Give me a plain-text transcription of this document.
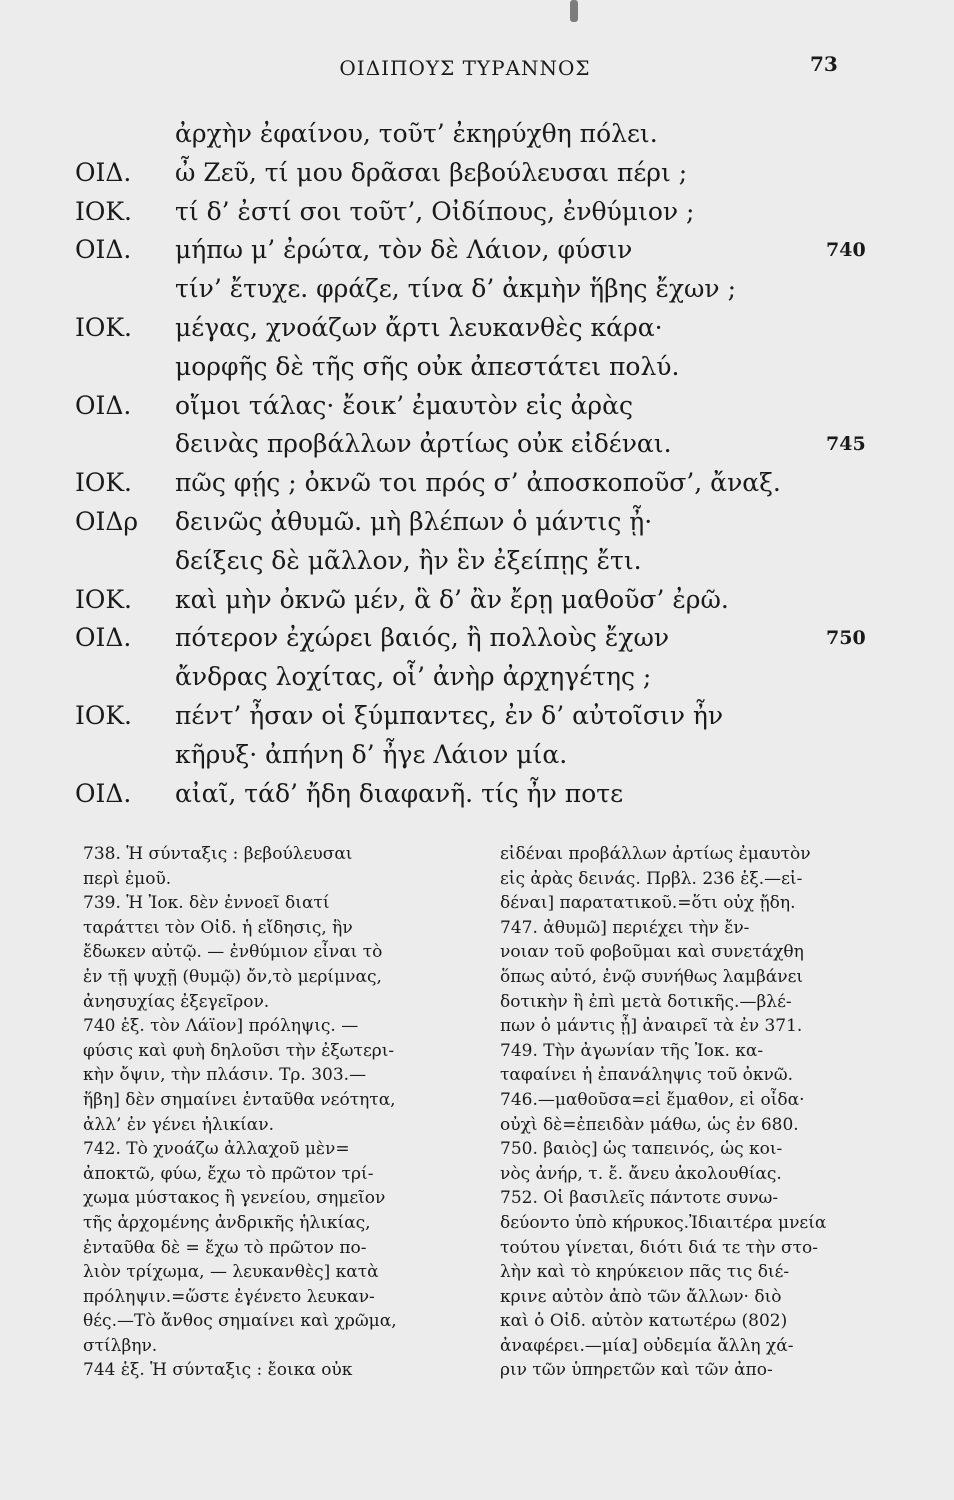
ΟΙΔΙΠΟΥΣ ΤΥΡΑΝΝΟΣ	73
ἀρχὴν ἐφαίνου, τοῦτ’ ἐκηρύχθη πόλει.
ΟΙΔ. ὦ Ζεῦ, τί μου δρᾶσαι βεβούλευσαι πέρι ;
ΙΟΚ. τί δ’ ἐστί σοι τοῦτ’, Οἰδίπους, ἐνθύμιον ;
ΟΙΔ. μήπω μ’ ἐρώτα, τὸν δὲ Λάιον, φύσιν	740
τίν’ ἔτυχε. φράζε, τίνα δ’ ἀκμὴν ἥβης ἔχων ;
ΙΟΚ. μέγας, χνοάζων ἄρτι λευκανθὲς κάρα·
μορφῆς δὲ τῆς σῆς οὐκ ἀπεστάτει πολύ.
ΟΙΔ. οἴμοι τάλας· ἔοικ’ ἐμαυτὸν εἰς ἀρὰς
δεινὰς προβάλλων ἀρτίως οὐκ εἰδέναι.	745
ΙΟΚ. πῶς φῄς ; ὀκνῶ τοι πρός σ’ ἀποσκοποῦσ’, ἄναξ.
ΟΙΔρ δεινῶς ἀθυμῶ. μὴ βλέπων ὁ μάντις ᾖ·
δείξεις δὲ μᾶλλον, ἢν ἓν ἐξείπῃς ἔτι.
ΙΟΚ. καὶ μὴν ὀκνῶ μέν, ἃ δ’ ἂν ἔρῃ μαθοῦσ’ ἐρῶ.
ΟΙΔ. πότερον ἐχώρει βαιός, ἢ πολλοὺς ἔχων	750
ἄνδρας λοχίτας, οἷ’ ἀνὴρ ἀρχηγέτης ;
ΙΟΚ. πέντ’ ἦσαν οἱ ξύμπαντες, ἐν δ’ αὐτοῖσιν ἦν
κῆρυξ· ἀπήνη δ’ ἦγε Λάιον μία.
ΟΙΔ. αἰαῖ, τάδ’ ἤδη διαφανῆ. τίς ἦν ποτε
738. Ἡ σύνταξις : βεβούλευσαι
περὶ ἐμοῦ.
739. Ἡ Ἰοκ. δὲν ἐννοεῖ διατί
ταράττει τὸν Οἰδ. ἡ εἴδησις, ἣν
ἔδωκεν αὐτῷ. — ἐνθύμιον εἶναι τὸ
ἐν τῇ ψυχῇ (θυμῷ) ὄν,τὸ μερίμνας,
ἀνησυχίας ἐξεγεῖρον.
740 ἑξ. τὸν Λάϊον] πρόληψις. —
φύσις καὶ φυὴ δηλοῦσι τὴν ἐξωτερι-
κὴν ὄψιν, τὴν πλάσιν. Τρ. 303.—
ἥβη] δὲν σημαίνει ἐνταῦθα νεότητα,
ἀλλ’ ἐν γένει ἡλικίαν.
742. Τὸ χνοάζω ἀλλαχοῦ μὲν=
ἀποκτῶ, φύω, ἔχω τὸ πρῶτον τρί-
χωμα μύστακος ἢ γενείου, σημεῖον
τῆς ἀρχομένης ἀνδρικῆς ἡλικίας,
ἐνταῦθα δὲ = ἔχω τὸ πρῶτον πο-
λιὸν τρίχωμα, — λευκανθὲς] κατὰ
πρόληψιν.=ὥστε ἐγένετο λευκαν-
θές.—Τὸ ἄνθος σημαίνει καὶ χρῶμα,
στίλβην.
744 ἑξ. Ἡ σύνταξις : ἔοικα οὐκ
εἰδέναι προβάλλων ἀρτίως ἐμαυτὸν
εἰς ἀρὰς δεινάς. Πρβλ. 236 ἑξ.—εἰ-
δέναι] παρατατικοῦ.=ὅτι οὐχ ᾔδη.
747. ἀθυμῶ] περιέχει τὴν ἔν-
νοιαν τοῦ φοβοῦμαι καὶ συνετάχθη
ὅπως αὐτό, ἐνῷ συνήθως λαμβάνει
δοτικὴν ἢ ἐπὶ μετὰ δοτικῆς.—βλέ-
πων ὁ μάντις ᾖ] ἀναιρεῖ τὰ ἐν 371.
749. Τὴν ἀγωνίαν τῆς Ἰοκ. κα-
ταφαίνει ἡ ἐπανάληψις τοῦ ὀκνῶ.
746.—μαθοῦσα=εἰ ἔμαθον, εἰ οἶδα·
οὐχὶ δὲ=ἐπειδὰν μάθω, ὡς ἐν 680.
750. βαιὸς] ὡς ταπεινός, ὡς κοι-
νὸς ἀνήρ, τ. ἔ. ἄνευ ἀκολουθίας.
752. Οἱ βασιλεῖς πάντοτε συνω-
δεύοντο ὑπὸ κήρυκος.Ἰδιαιτέρα μνεία
τούτου γίνεται, διότι διά τε τὴν στο-
λὴν καὶ τὸ κηρύκειον πᾶς τις διέ-
κρινε αὐτὸν ἀπὸ τῶν ἄλλων· διὸ
καὶ ὁ Οἰδ. αὐτὸν κατωτέρω (802)
ἀναφέρει.—μία] οὐδεμία ἄλλη χά-
ριν τῶν ὑπηρετῶν καὶ τῶν ἀπο-
